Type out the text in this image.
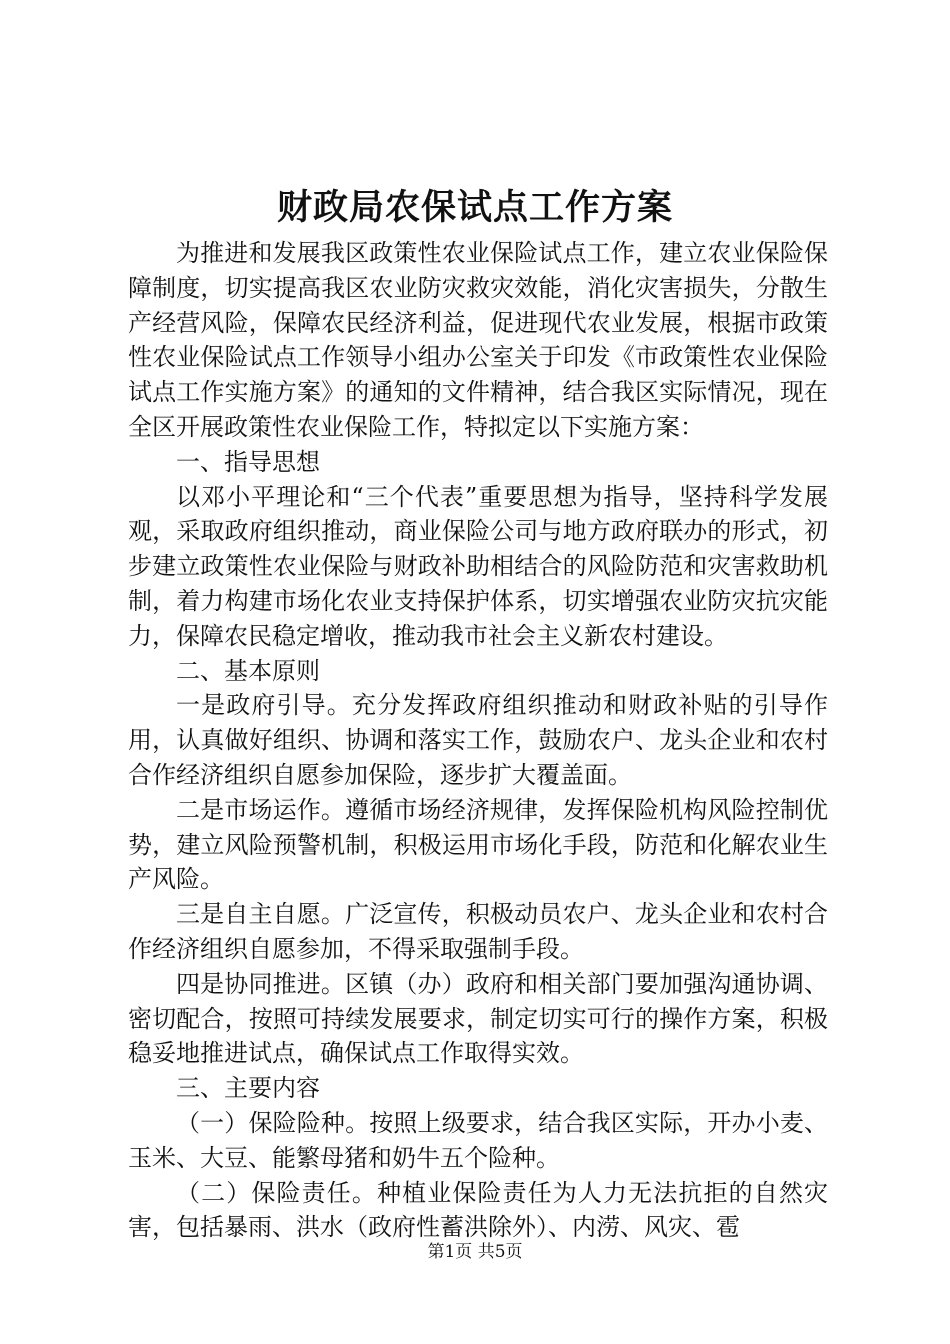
财政局农保试点工作方案

为推进和发展我区政策性农业保险试点工作，建立农业保险保障制度，切实提高我区农业防灾救灾效能，消化灾害损失，分散生产经营风险，保障农民经济利益，促进现代农业发展，根据市政策性农业保险试点工作领导小组办公室关于印发《市政策性农业保险试点工作实施方案》的通知的文件精神，结合我区实际情况，现在全区开展政策性农业保险工作，特拟定以下实施方案：

一、指导思想

以邓小平理论和“三个代表”重要思想为指导，坚持科学发展观，采取政府组织推动，商业保险公司与地方政府联办的形式，初步建立政策性农业保险与财政补助相结合的风险防范和灾害救助机制，着力构建市场化农业支持保护体系，切实增强农业防灾抗灾能力，保障农民稳定增收，推动我市社会主义新农村建设。

二、基本原则

一是政府引导。充分发挥政府组织推动和财政补贴的引导作用，认真做好组织、协调和落实工作，鼓励农户、龙头企业和农村合作经济组织自愿参加保险，逐步扩大覆盖面。

二是市场运作。遵循市场经济规律，发挥保险机构风险控制优势，建立风险预警机制，积极运用市场化手段，防范和化解农业生产风险。

三是自主自愿。广泛宣传，积极动员农户、龙头企业和农村合作经济组织自愿参加，不得采取强制手段。

四是协同推进。区镇（办）政府和相关部门要加强沟通协调、密切配合，按照可持续发展要求，制定切实可行的操作方案，积极稳妥地推进试点，确保试点工作取得实效。

三、主要内容

（一）保险险种。按照上级要求，结合我区实际，开办小麦、玉米、大豆、能繁母猪和奶牛五个险种。

（二）保险责任。种植业保险责任为人力无法抗拒的自然灾害，包括暴雨、洪水（政府性蓄洪除外）、内涝、风灾、雹

第1页 共5页
